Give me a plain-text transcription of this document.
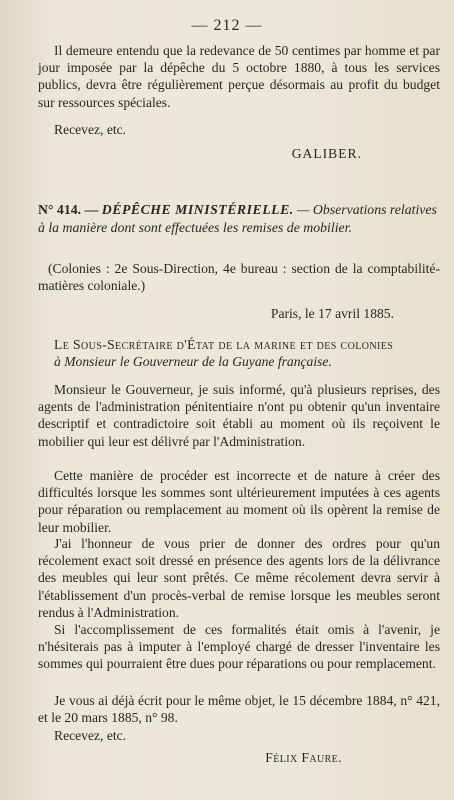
— 212 —

Il demeure entendu que la redevance de 50 centimes par homme et par jour imposée par la dépêche du 5 octobre 1880, à tous les services publics, devra être régulièrement perçue désormais au profit du budget sur ressources spéciales.

Recevez, etc.
GALIBER.

N° 414. — DÉPÊCHE MINISTÉRIELLE. — Observations relatives à la manière dont sont effectuées les remises de mobilier.

(Colonies : 2e Sous-Direction, 4e bureau : section de la comptabilité-matières coloniale.)

Paris, le 17 avril 1885.
Le Sous-Secrétaire d'État de la marine et des colonies
à Monsieur le Gouverneur de la Guyane française.

Monsieur le Gouverneur, je suis informé, qu'à plusieurs reprises, des agents de l'administration pénitentiaire n'ont pu obtenir qu'un inventaire descriptif et contradictoire soit établi au moment où ils reçoivent le mobilier qui leur est délivré par l'Administration.

Cette manière de procéder est incorrecte et de nature à créer des difficultés lorsque les sommes sont ultérieurement imputées à ces agents pour réparation ou remplacement au moment où ils opèrent la remise de leur mobilier.

J'ai l'honneur de vous prier de donner des ordres pour qu'un récolement exact soit dressé en présence des agents lors de la délivrance des meubles qui leur sont prêtés. Ce même récolement devra servir à l'établissement d'un procès-verbal de remise lorsque les meubles seront rendus à l'Administration.

Si l'accomplissement de ces formalités était omis à l'avenir, je n'hésiterais pas à imputer à l'employé chargé de dresser l'inventaire les sommes qui pourraient être dues pour réparations ou pour remplacement.

Je vous ai déjà écrit pour le même objet, le 15 décembre 1884, n° 421, et le 20 mars 1885, n° 98.

Recevez, etc.
Félix Faure.
